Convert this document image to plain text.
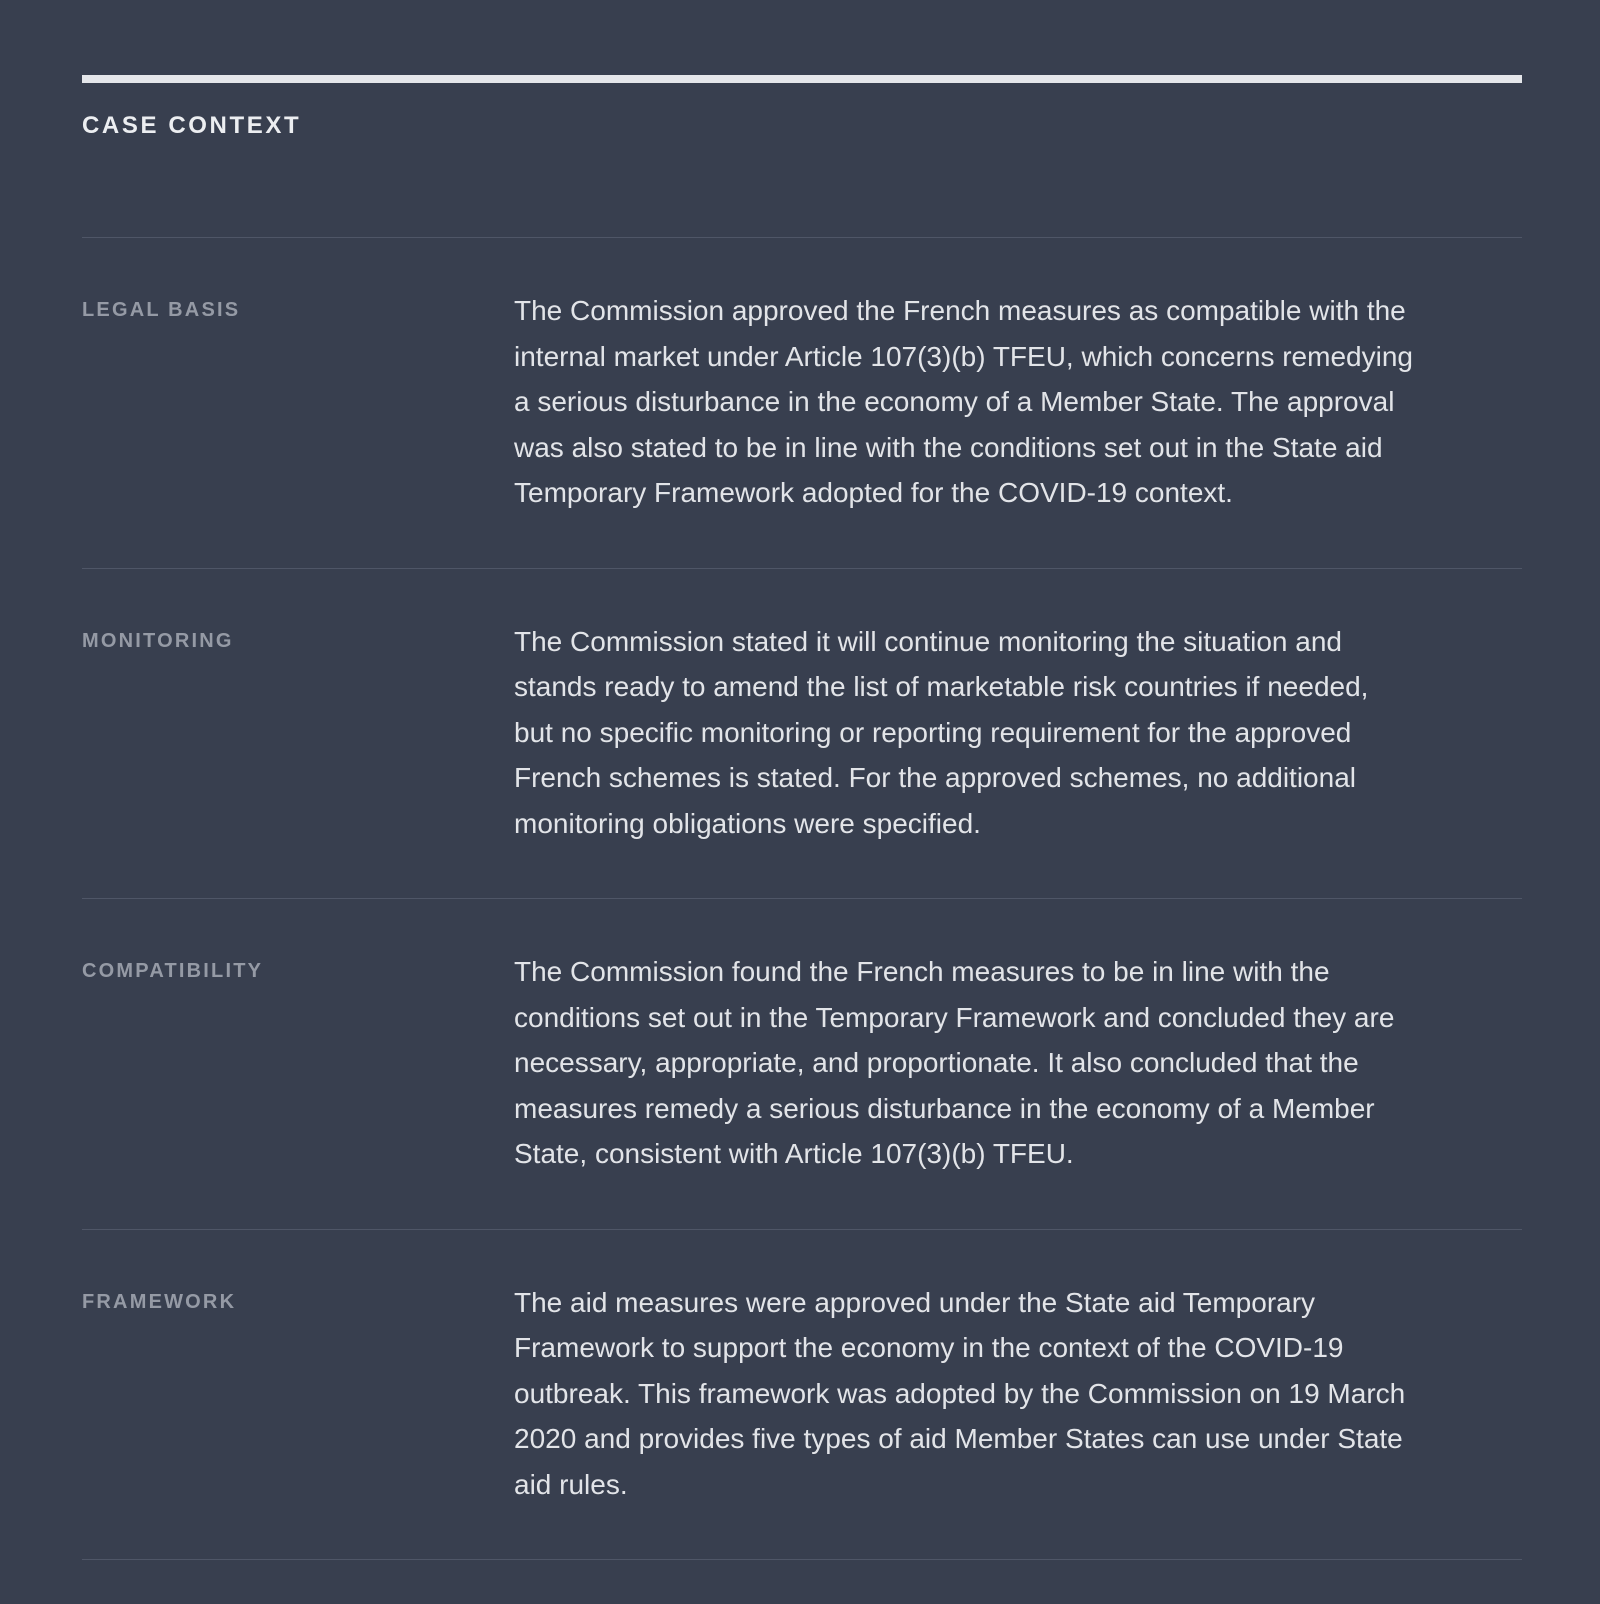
CASE CONTEXT
LEGAL BASIS	The Commission approved the French measures as compatible with the internal market under Article 107(3)(b) TFEU, which concerns remedying a serious disturbance in the economy of a Member State. The approval was also stated to be in line with the conditions set out in the State aid Temporary Framework adopted for the COVID-19 context.
MONITORING	The Commission stated it will continue monitoring the situation and stands ready to amend the list of marketable risk countries if needed, but no specific monitoring or reporting requirement for the approved French schemes is stated. For the approved schemes, no additional monitoring obligations were specified.
COMPATIBILITY	The Commission found the French measures to be in line with the conditions set out in the Temporary Framework and concluded they are necessary, appropriate, and proportionate. It also concluded that the measures remedy a serious disturbance in the economy of a Member State, consistent with Article 107(3)(b) TFEU.
FRAMEWORK	The aid measures were approved under the State aid Temporary Framework to support the economy in the context of the COVID-19 outbreak. This framework was adopted by the Commission on 19 March 2020 and provides five types of aid Member States can use under State aid rules.
